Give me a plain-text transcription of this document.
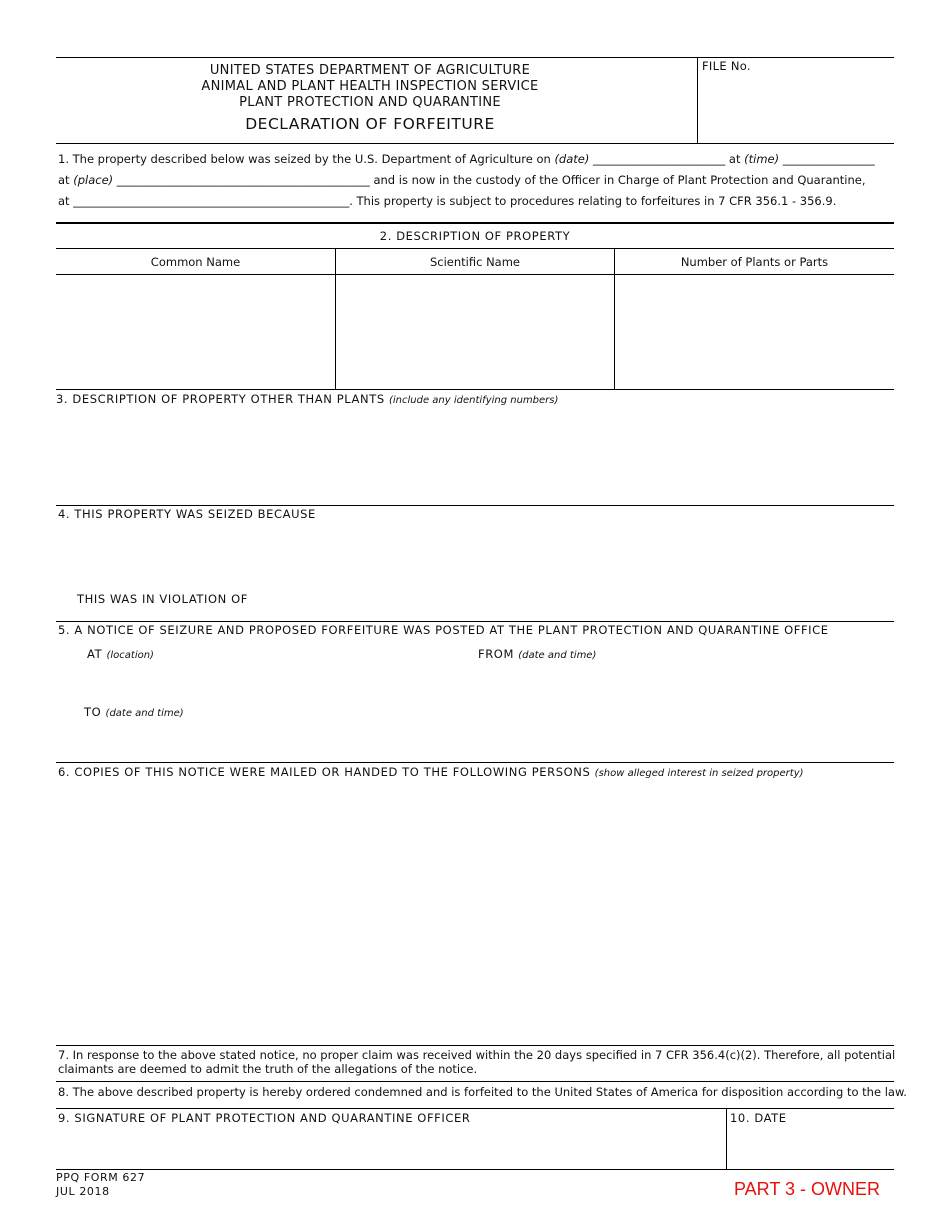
UNITED STATES DEPARTMENT OF AGRICULTURE
ANIMAL AND PLANT HEALTH INSPECTION SERVICE
PLANT PROTECTION AND QUARANTINE
DECLARATION OF FORFEITURE
FILE No.
1. The property described below was seized by the U.S. Department of Agriculture on (date) _______________________ at (time) ________________
at (place) ____________________________________________ and is now in the custody of the Officer in Charge of Plant Protection and Quarantine,
at ________________________________________________. This property is subject to procedures relating to forfeitures in 7 CFR 356.1 - 356.9.
2. DESCRIPTION OF PROPERTY
Common Name	Scientific Name	Number of Plants or Parts
3. DESCRIPTION OF PROPERTY OTHER THAN PLANTS (include any identifying numbers)
4. THIS PROPERTY WAS SEIZED BECAUSE
THIS WAS IN VIOLATION OF
5. A NOTICE OF SEIZURE AND PROPOSED FORFEITURE WAS POSTED AT THE PLANT PROTECTION AND QUARANTINE OFFICE
AT (location)	FROM (date and time)
TO (date and time)
6. COPIES OF THIS NOTICE WERE MAILED OR HANDED TO THE FOLLOWING PERSONS (show alleged interest in seized property)
7. In response to the above stated notice, no proper claim was received within the 20 days specified in 7 CFR 356.4(c)(2). Therefore, all potential
claimants are deemed to admit the truth of the allegations of the notice.
8. The above described property is hereby ordered condemned and is forfeited to the United States of America for disposition according to the law.
9. SIGNATURE OF PLANT PROTECTION AND QUARANTINE OFFICER	10. DATE
PPQ FORM 627
JUL 2018	PART 3 - OWNER
